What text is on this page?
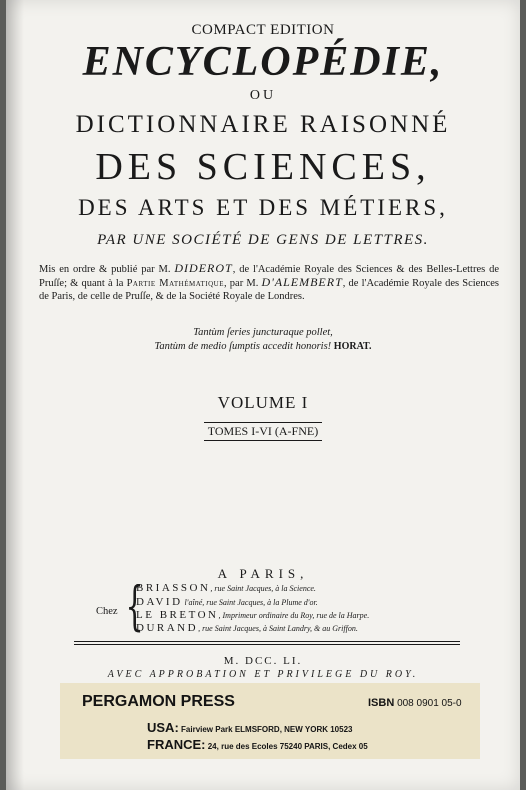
COMPACT EDITION
ENCYCLOPÉDIE,
OU
DICTIONNAIRE RAISONNÉ
DES SCIENCES,
DES ARTS ET DES MÉTIERS,
PAR UNE SOCIÉTÉ DE GENS DE LETTRES.
Mis en ordre & publié par M. DIDEROT, de l'Académie Royale des Sciences & des Belles-Lettres de Pruſſe; & quant à la Partie Mathématique, par M. D'ALEMBERT, de l'Académie Royale des Sciences de Paris, de celle de Pruſſe, & de la Société Royale de Londres.
Tantùm ſeries juncturaque pollet,
Tantùm de medio ſumptis accedit honoris! HORAT.
VOLUME I
TOMES I-VI (A-FNE)
A PARIS,
Chez {
BRIASSON, rue Saint Jacques, à la Science.
DAVID l'aîné, rue Saint Jacques, à la Plume d'or.
LE BRETON, Imprimeur ordinaire du Roy, rue de la Harpe.
DURAND, rue Saint Jacques, à Saint Landry, & au Griffon.
M. DCC. LI.
AVEC APPROBATION ET PRIVILEGE DU ROY.
PERGAMON PRESS	ISBN 008 0901 05-0
USA: Fairview Park ELMSFORD, NEW YORK 10523
FRANCE: 24, rue des Ecoles 75240 PARIS, Cedex 05
